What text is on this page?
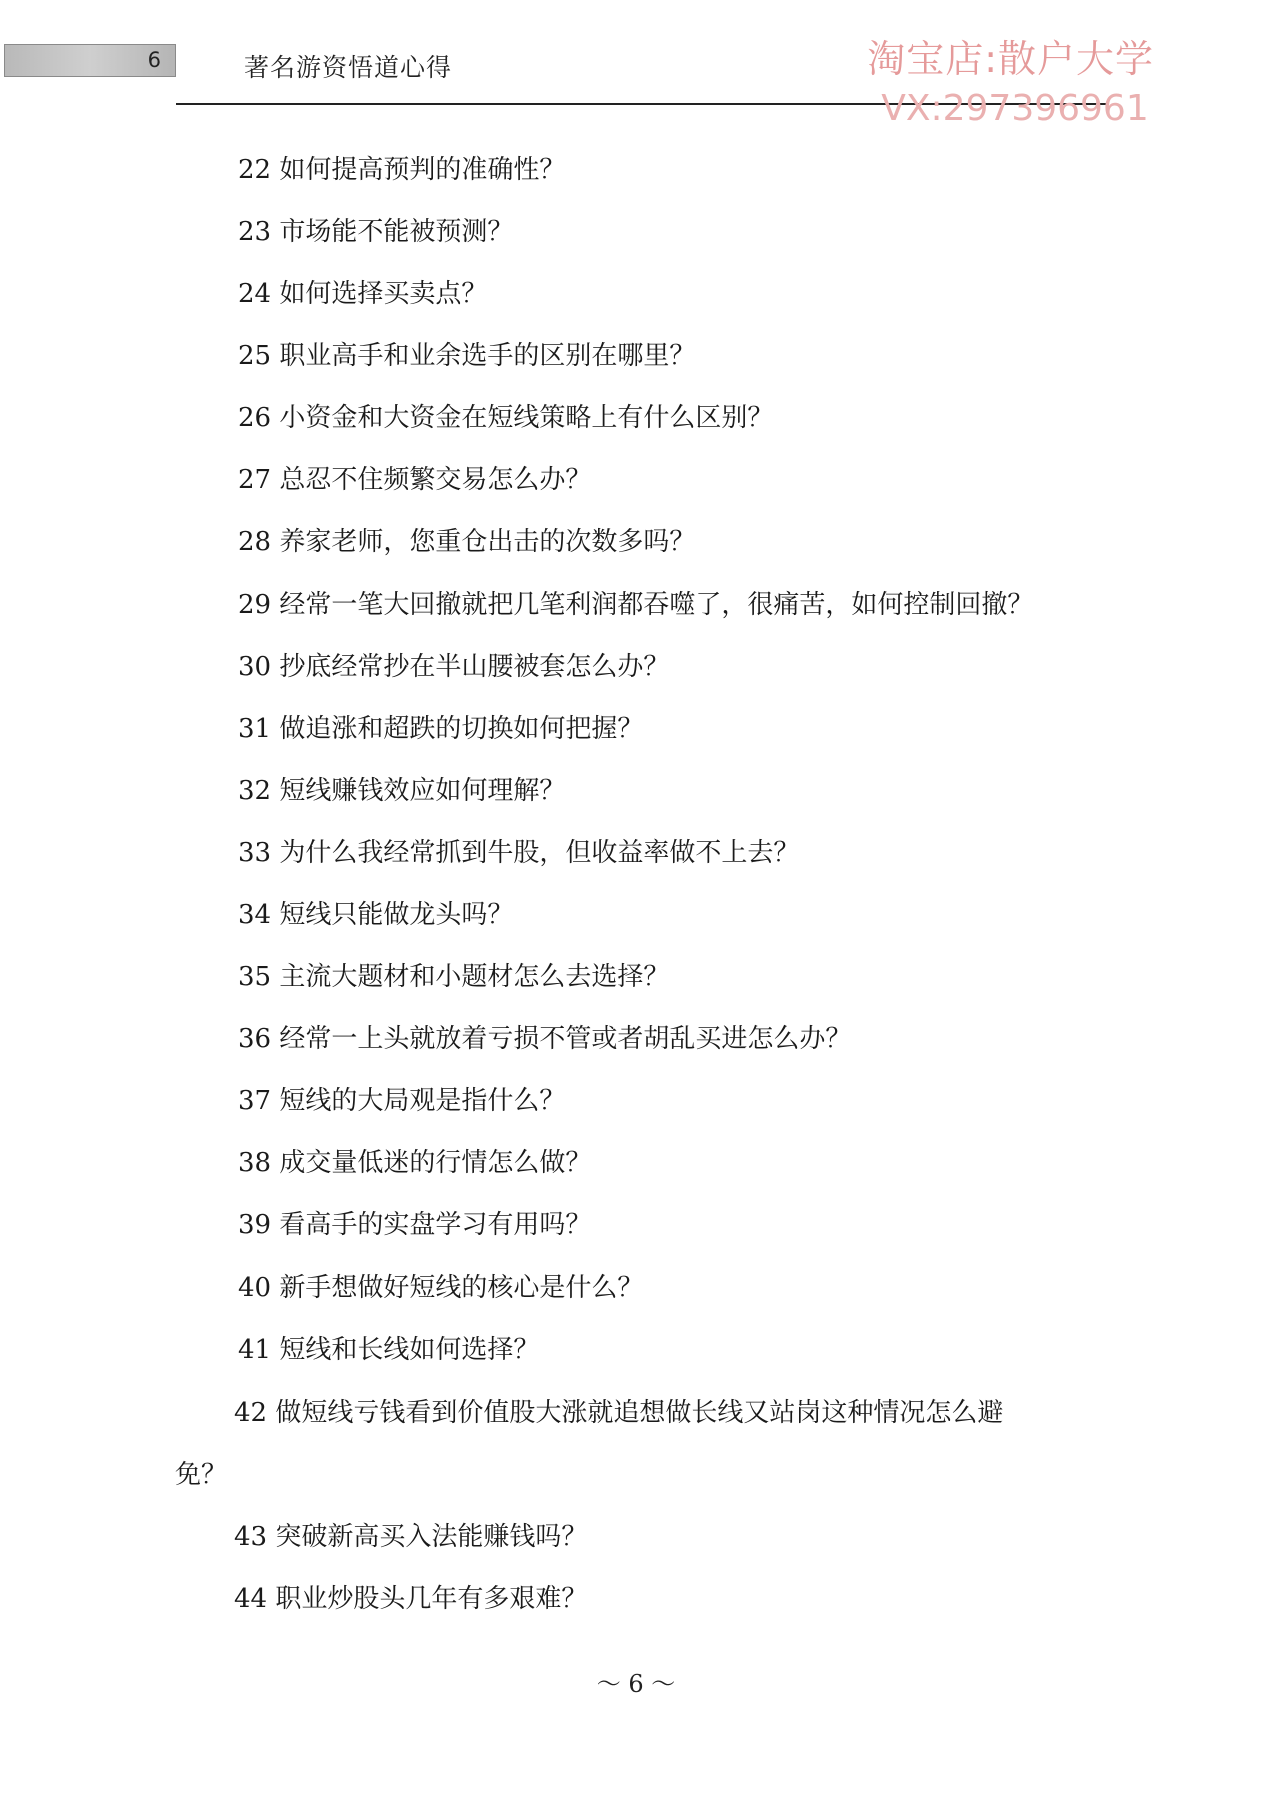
6	著名游资悟道心得	淘宝店:散户大学
VX:297396961
22 如何提高预判的准确性？
23 市场能不能被预测？
24 如何选择买卖点？
25 职业高手和业余选手的区别在哪里？
26 小资金和大资金在短线策略上有什么区别？
27 总忍不住频繁交易怎么办？
28 养家老师，您重仓出击的次数多吗？
29 经常一笔大回撤就把几笔利润都吞噬了，很痛苦，如何控制回撤？
30 抄底经常抄在半山腰被套怎么办？
31 做追涨和超跌的切换如何把握？
32 短线赚钱效应如何理解？
33 为什么我经常抓到牛股，但收益率做不上去？
34 短线只能做龙头吗？
35 主流大题材和小题材怎么去选择？
36 经常一上头就放着亏损不管或者胡乱买进怎么办？
37 短线的大局观是指什么？
38 成交量低迷的行情怎么做？
39 看高手的实盘学习有用吗？
40 新手想做好短线的核心是什么？
41 短线和长线如何选择？
42 做短线亏钱看到价值股大涨就追想做长线又站岗这种情况怎么避
免？
43 突破新高买入法能赚钱吗？
44 职业炒股头几年有多艰难？
～ 6 ～
